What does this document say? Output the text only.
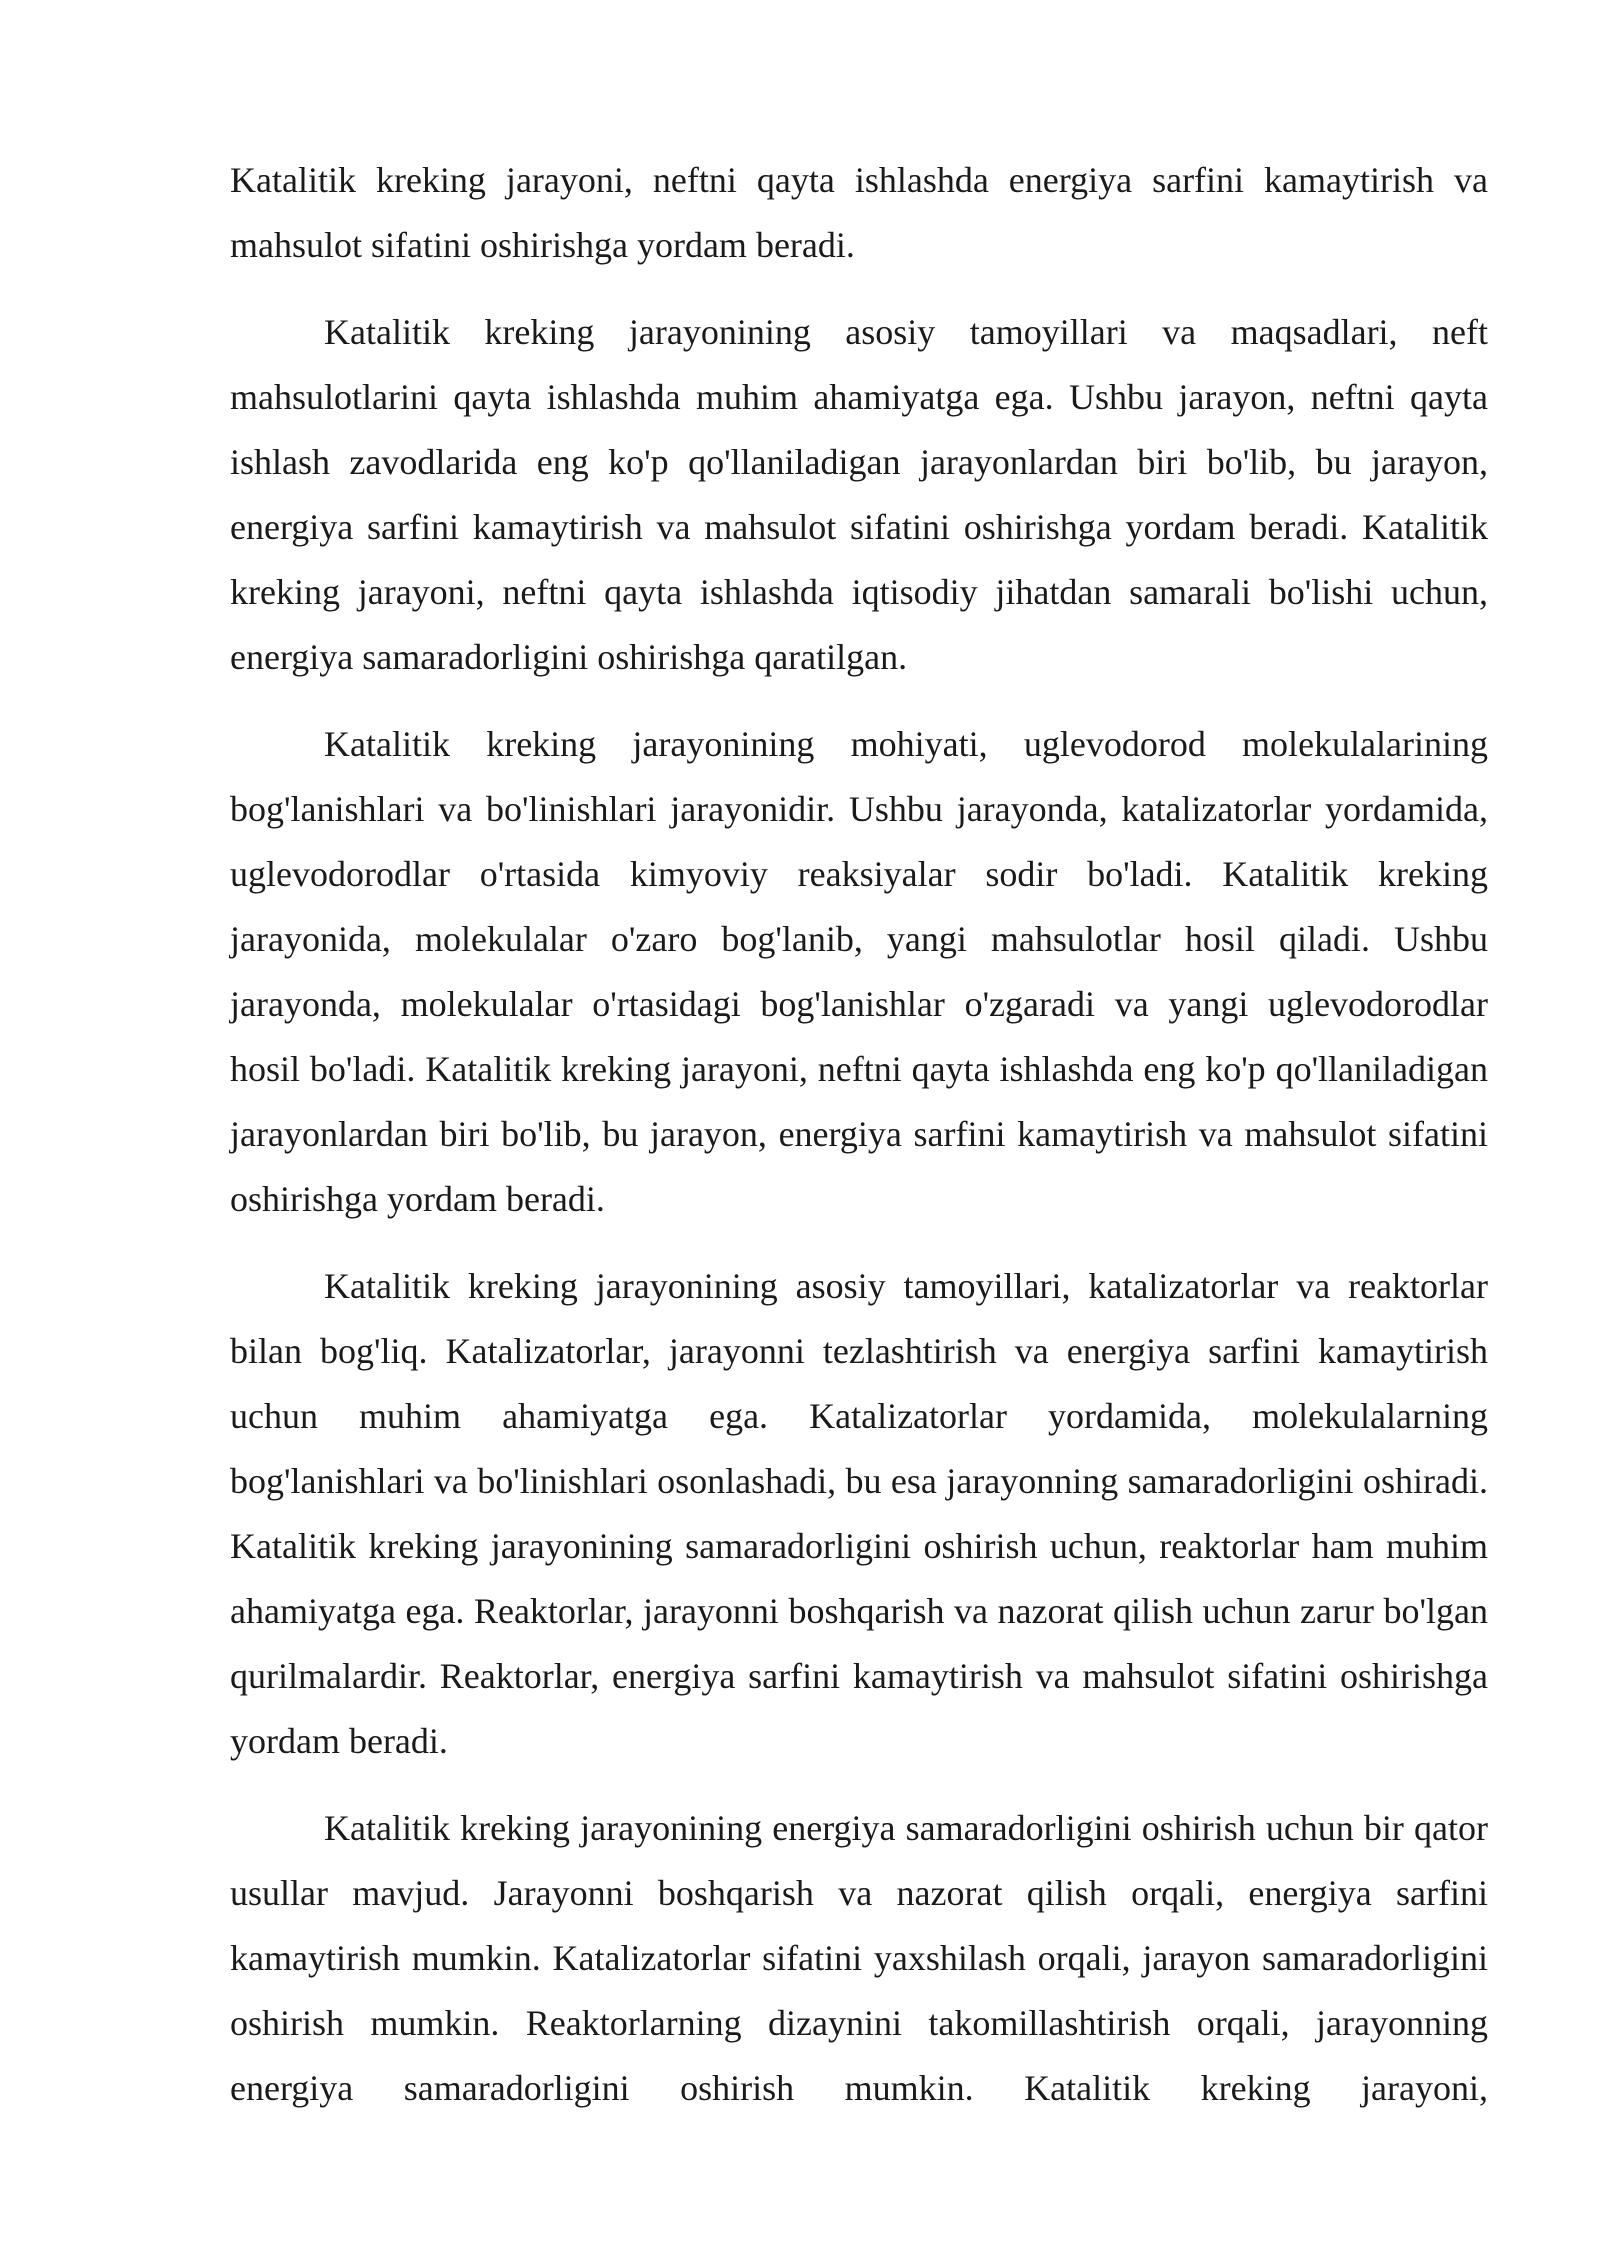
Katalitik kreking jarayoni, neftni qayta ishlashda energiya sarfini kamaytirish va mahsulot sifatini oshirishga yordam beradi.

Katalitik kreking jarayonining asosiy tamoyillari va maqsadlari, neft mahsulotlarini qayta ishlashda muhim ahamiyatga ega. Ushbu jarayon, neftni qayta ishlash zavodlarida eng ko'p qo'llaniladigan jarayonlardan biri bo'lib, bu jarayon, energiya sarfini kamaytirish va mahsulot sifatini oshirishga yordam beradi. Katalitik kreking jarayoni, neftni qayta ishlashda iqtisodiy jihatdan samarali bo'lishi uchun, energiya samaradorligini oshirishga qaratilgan.

Katalitik kreking jarayonining mohiyati, uglevodorod molekulalarining bog'lanishlari va bo'linishlari jarayonidir. Ushbu jarayonda, katalizatorlar yordamida, uglevodorodlar o'rtasida kimyoviy reaksiyalar sodir bo'ladi. Katalitik kreking jarayonida, molekulalar o'zaro bog'lanib, yangi mahsulotlar hosil qiladi. Ushbu jarayonda, molekulalar o'rtasidagi bog'lanishlar o'zgaradi va yangi uglevodorodlar hosil bo'ladi. Katalitik kreking jarayoni, neftni qayta ishlashda eng ko'p qo'llaniladigan jarayonlardan biri bo'lib, bu jarayon, energiya sarfini kamaytirish va mahsulot sifatini oshirishga yordam beradi.

Katalitik kreking jarayonining asosiy tamoyillari, katalizatorlar va reaktorlar bilan bog'liq. Katalizatorlar, jarayonni tezlashtirish va energiya sarfini kamaytirish uchun muhim ahamiyatga ega. Katalizatorlar yordamida, molekulalarning bog'lanishlari va bo'linishlari osonlashadi, bu esa jarayonning samaradorligini oshiradi. Katalitik kreking jarayonining samaradorligini oshirish uchun, reaktorlar ham muhim ahamiyatga ega. Reaktorlar, jarayonni boshqarish va nazorat qilish uchun zarur bo'lgan qurilmalardir. Reaktorlar, energiya sarfini kamaytirish va mahsulot sifatini oshirishga yordam beradi.

Katalitik kreking jarayonining energiya samaradorligini oshirish uchun bir qator usullar mavjud. Jarayonni boshqarish va nazorat qilish orqali, energiya sarfini kamaytirish mumkin. Katalizatorlar sifatini yaxshilash orqali, jarayon samaradorligini oshirish mumkin. Reaktorlarning dizaynini takomillashtirish orqali, jarayonning energiya samaradorligini oshirish mumkin. Katalitik kreking jarayoni,
